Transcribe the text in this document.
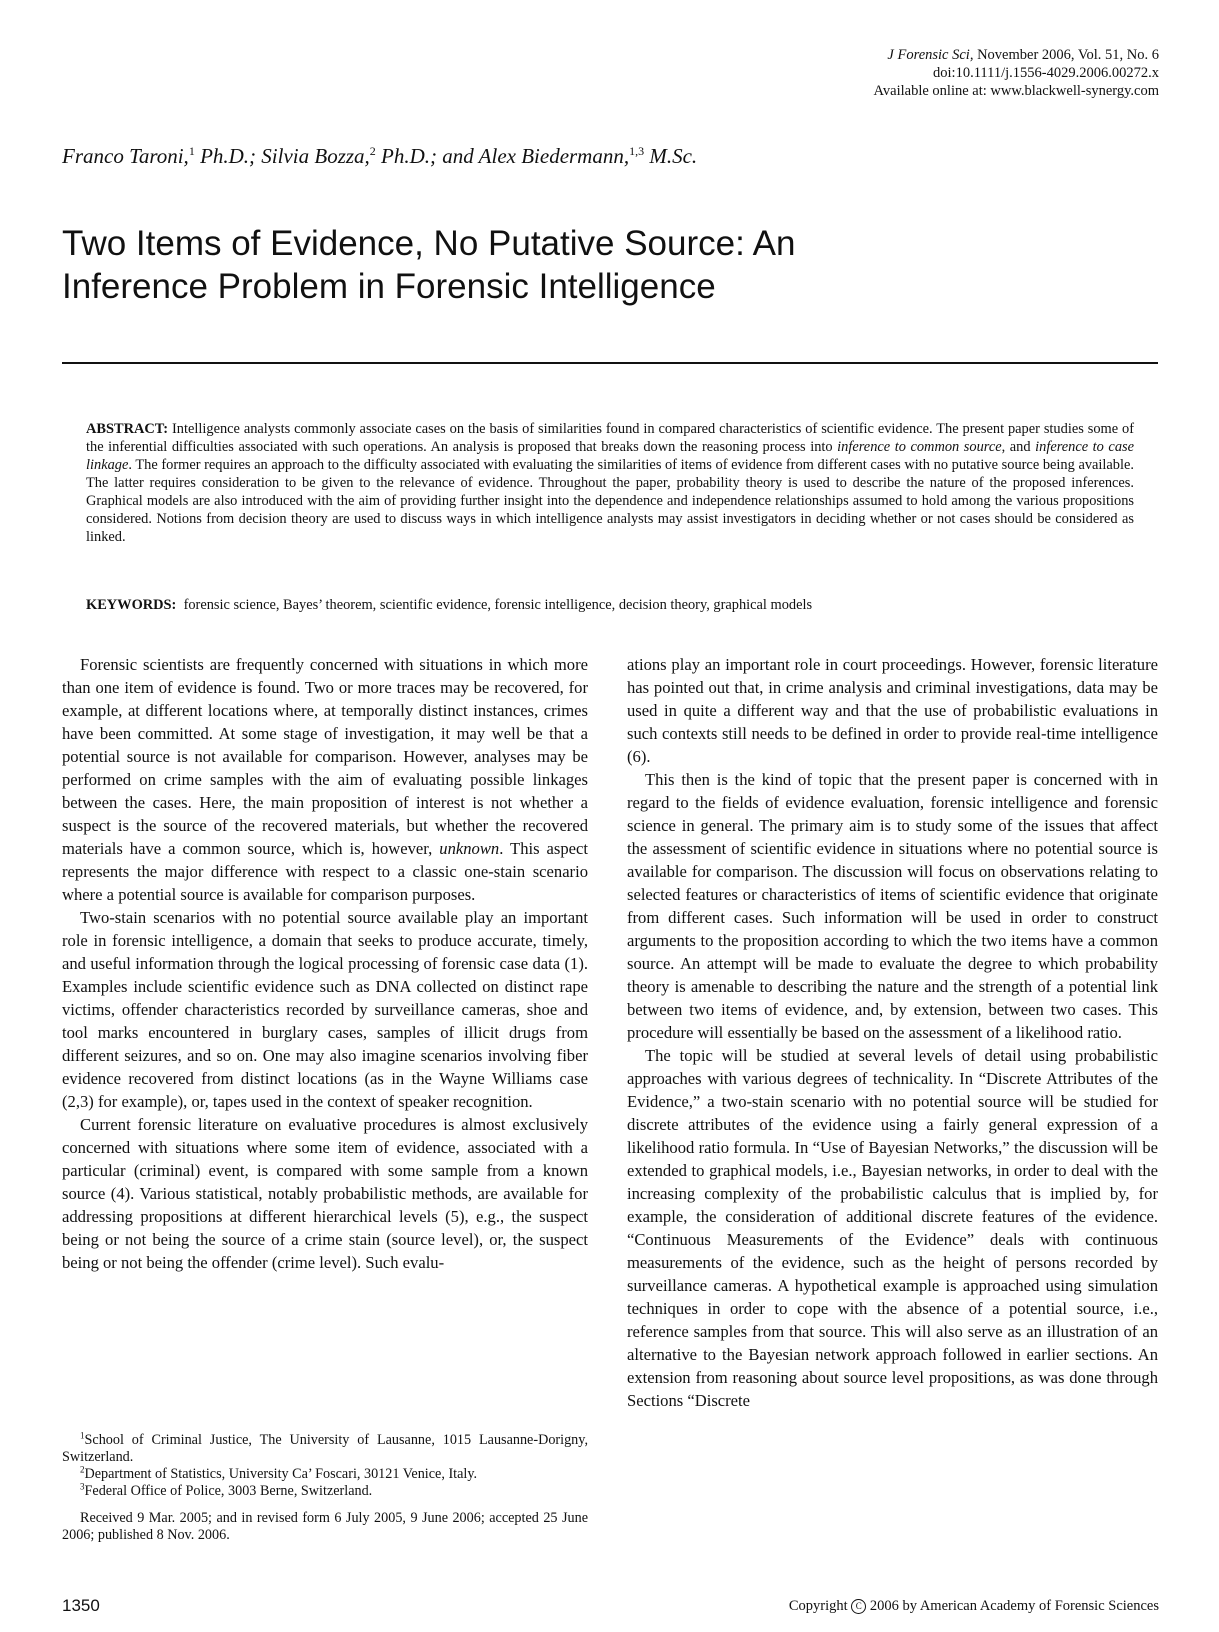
J Forensic Sci, November 2006, Vol. 51, No. 6
doi:10.1111/j.1556-4029.2006.00272.x
Available online at: www.blackwell-synergy.com
Franco Taroni,$^1$ Ph.D.; Silvia Bozza,$^2$ Ph.D.; and Alex Biedermann,$^{1,3}$ M.Sc.
Two Items of Evidence, No Putative Source: An
Inference Problem in Forensic Intelligence
ABSTRACT: Intelligence analysts commonly associate cases on the basis of similarities found in compared characteristics of scientific evidence. The present paper studies some of the inferential difficulties associated with such operations. An analysis is proposed that breaks down the reasoning process into inference to common source, and inference to case linkage. The former requires an approach to the difficulty associated with evaluating the similarities of items of evidence from different cases with no putative source being available. The latter requires consideration to be given to the relevance of evidence. Throughout the paper, probability theory is used to describe the nature of the proposed inferences. Graphical models are also introduced with the aim of providing further insight into the dependence and independence relationships assumed to hold among the various propositions considered. Notions from decision theory are used to discuss ways in which intelligence analysts may assist investigators in deciding whether or not cases should be considered as linked.
KEYWORDS: forensic science, Bayes’ theorem, scientific evidence, forensic intelligence, decision theory, graphical models

Forensic scientists are frequently concerned with situations in which more than one item of evidence is found. Two or more traces may be recovered, for example, at different locations where, at temporally distinct instances, crimes have been committed. At some stage of investigation, it may well be that a potential source is not available for comparison. However, analyses may be performed on crime samples with the aim of evaluating possible linkages between the cases. Here, the main proposition of interest is not whether a suspect is the source of the recovered materials, but whether the recovered materials have a common source, which is, however, unknown. This aspect represents the major difference with respect to a classic one-stain scenario where a potential source is available for comparison purposes.

Two-stain scenarios with no potential source available play an important role in forensic intelligence, a domain that seeks to produce accurate, timely, and useful information through the logical processing of forensic case data (1). Examples include scientific evidence such as DNA collected on distinct rape victims, offender characteristics recorded by surveillance cameras, shoe and tool marks encountered in burglary cases, samples of illicit drugs from different seizures, and so on. One may also imagine scenarios involving fiber evidence recovered from distinct locations (as in the Wayne Williams case (2,3) for example), or, tapes used in the context of speaker recognition.

Current forensic literature on evaluative procedures is almost exclusively concerned with situations where some item of evidence, associated with a particular (criminal) event, is compared with some sample from a known source (4). Various statistical, notably probabilistic methods, are available for addressing propositions at different hierarchical levels (5), e.g., the suspect being or not being the source of a crime stain (source level), or, the suspect being or not being the offender (crime level). Such evalu-

ations play an important role in court proceedings. However, forensic literature has pointed out that, in crime analysis and criminal investigations, data may be used in quite a different way and that the use of probabilistic evaluations in such contexts still needs to be defined in order to provide real-time intelligence (6).

This then is the kind of topic that the present paper is concerned with in regard to the fields of evidence evaluation, forensic intelligence and forensic science in general. The primary aim is to study some of the issues that affect the assessment of scientific evidence in situations where no potential source is available for comparison. The discussion will focus on observations relating to selected features or characteristics of items of scientific evidence that originate from different cases. Such information will be used in order to construct arguments to the proposition according to which the two items have a common source. An attempt will be made to evaluate the degree to which probability theory is amenable to describing the nature and the strength of a potential link between two items of evidence, and, by extension, between two cases. This procedure will essentially be based on the assessment of a likelihood ratio.

The topic will be studied at several levels of detail using probabilistic approaches with various degrees of technicality. In “Discrete Attributes of the Evidence,” a two-stain scenario with no potential source will be studied for discrete attributes of the evidence using a fairly general expression of a likelihood ratio formula. In “Use of Bayesian Networks,” the discussion will be extended to graphical models, i.e., Bayesian networks, in order to deal with the increasing complexity of the probabilistic calculus that is implied by, for example, the consideration of additional discrete features of the evidence. “Continuous Measurements of the Evidence” deals with continuous measurements of the evidence, such as the height of persons recorded by surveillance cameras. A hypothetical example is approached using simulation techniques in order to cope with the absence of a potential source, i.e., reference samples from that source. This will also serve as an illustration of an alternative to the Bayesian network approach followed in earlier sections. An extension from reasoning about source level propositions, as was done through Sections “Discrete

$^1$School of Criminal Justice, The University of Lausanne, 1015 Lausanne-Dorigny, Switzerland.

$^2$Department of Statistics, University Ca’ Foscari, 30121 Venice, Italy.

$^3$Federal Office of Police, 3003 Berne, Switzerland.

Received 9 Mar. 2005; and in revised form 6 July 2005, 9 June 2006; accepted 25 June 2006; published 8 Nov. 2006.

1350	Copyright C 2006 by American Academy of Forensic Sciences
